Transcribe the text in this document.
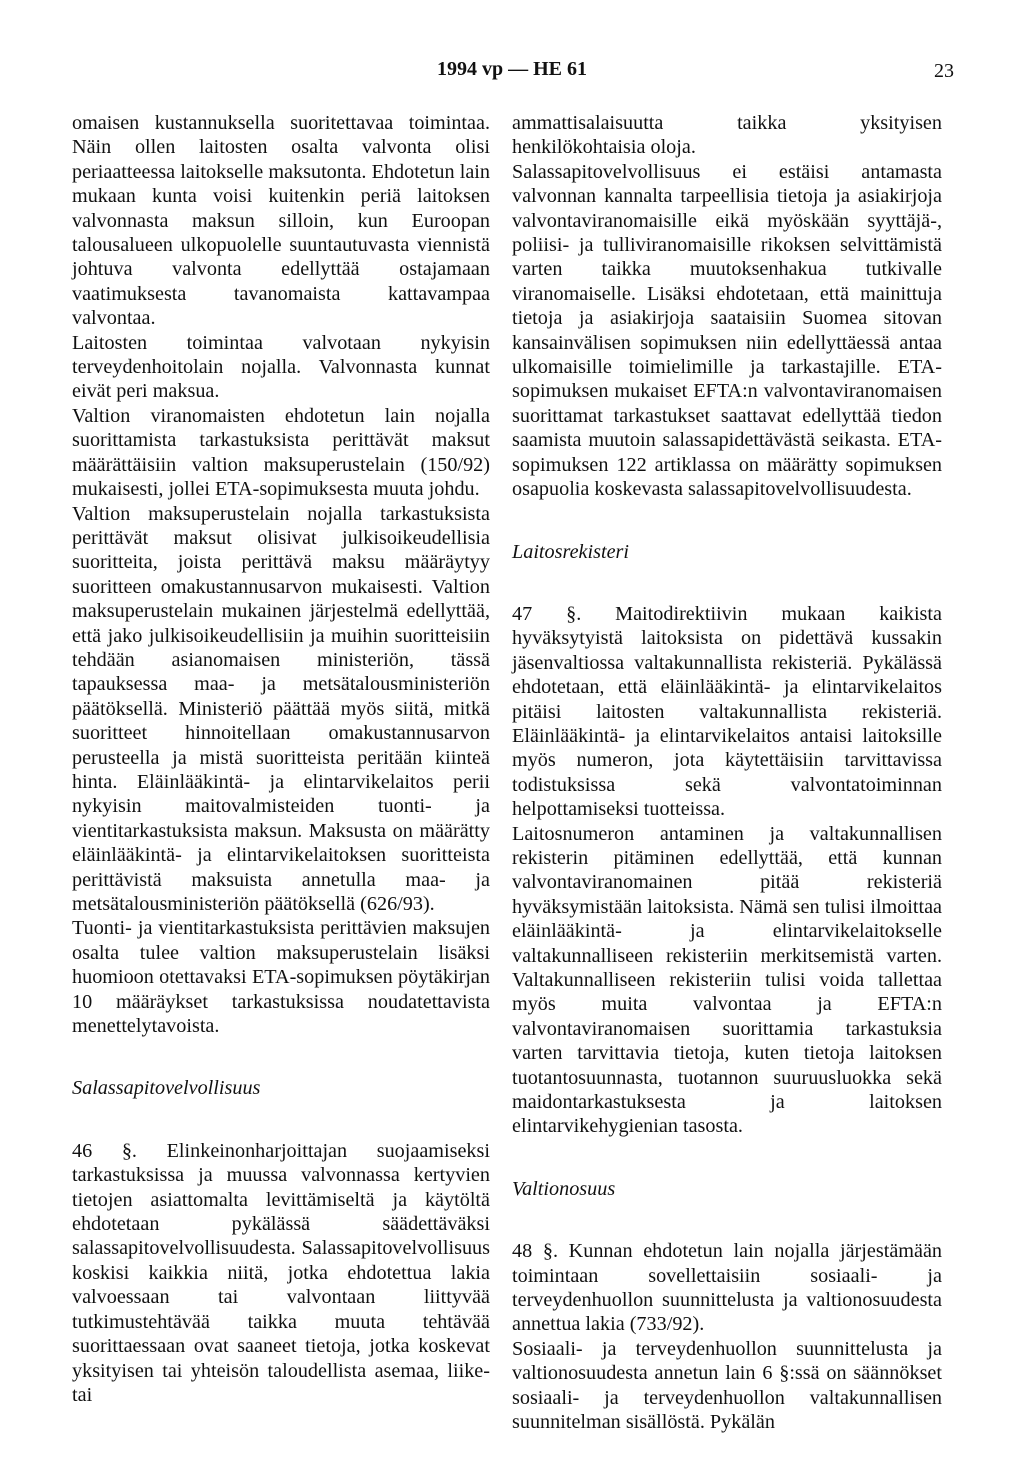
1994 vp — HE 61	23

omaisen kustannuksella suoritettavaa toimintaa. Näin ollen laitosten osalta valvonta olisi periaatteessa laitokselle maksutonta. Ehdotetun lain mukaan kunta voisi kuitenkin periä laitoksen valvonnasta maksun silloin, kun Euroopan talousalueen ulkopuolelle suuntautuvasta viennistä johtuva valvonta edellyttää ostajamaan vaatimuksesta tavanomaista kattavampaa valvontaa.

Laitosten toimintaa valvotaan nykyisin terveydenhoitolain nojalla. Valvonnasta kunnat eivät peri maksua.

Valtion viranomaisten ehdotetun lain nojalla suorittamista tarkastuksista perittävät maksut määrättäisiin valtion maksuperustelain (150/92) mukaisesti, jollei ETA-sopimuksesta muuta johdu.

Valtion maksuperustelain nojalla tarkastuksista perittävät maksut olisivat julkisoikeudellisia suoritteita, joista perittävä maksu määräytyy suoritteen omakustannusarvon mukaisesti. Valtion maksuperustelain mukainen järjestelmä edellyttää, että jako julkisoikeudellisiin ja muihin suoritteisiin tehdään asianomaisen ministeriön, tässä tapauksessa maa- ja metsätalousministeriön päätöksellä. Ministeriö päättää myös siitä, mitkä suoritteet hinnoitellaan omakustannusarvon perusteella ja mistä suoritteista peritään kiinteä hinta. Eläinlääkintä- ja elintarvikelaitos perii nykyisin maitovalmisteiden tuonti- ja vientitarkastuksista maksun. Maksusta on määrätty eläinlääkintä- ja elintarvikelaitoksen suoritteista perittävistä maksuista annetulla maa- ja metsätalousministeriön päätöksellä (626/93).

Tuonti- ja vientitarkastuksista perittävien maksujen osalta tulee valtion maksuperustelain lisäksi huomioon otettavaksi ETA-sopimuksen pöytäkirjan 10 määräykset tarkastuksissa noudatettavista menettelytavoista.

Salassapitovelvollisuus

46 §. Elinkeinonharjoittajan suojaamiseksi tarkastuksissa ja muussa valvonnassa kertyvien tietojen asiattomalta levittämiseltä ja käytöltä ehdotetaan pykälässä säädettäväksi salassapitovelvollisuudesta. Salassapitovelvollisuus koskisi kaikkia niitä, jotka ehdotettua lakia valvoessaan tai valvontaan liittyvää tutkimustehtävää taikka muuta tehtävää suorittaessaan ovat saaneet tietoja, jotka koskevat yksityisen tai yhteisön taloudellista asemaa, liike- tai

ammattisalaisuutta taikka yksityisen henkilökohtaisia oloja.

Salassapitovelvollisuus ei estäisi antamasta valvonnan kannalta tarpeellisia tietoja ja asiakirjoja valvontaviranomaisille eikä myöskään syyttäjä-, poliisi- ja tulliviranomaisille rikoksen selvittämistä varten taikka muutoksenhakua tutkivalle viranomaiselle. Lisäksi ehdotetaan, että mainittuja tietoja ja asiakirjoja saataisiin Suomea sitovan kansainvälisen sopimuksen niin edellyttäessä antaa ulkomaisille toimielimille ja tarkastajille. ETA-sopimuksen mukaiset EFTA:n valvontaviranomaisen suorittamat tarkastukset saattavat edellyttää tiedon saamista muutoin salassapidettävästä seikasta. ETA-sopimuksen 122 artiklassa on määrätty sopimuksen osapuolia koskevasta salassapitovelvollisuudesta.

Laitosrekisteri

47 §. Maitodirektiivin mukaan kaikista hyväksytyistä laitoksista on pidettävä kussakin jäsenvaltiossa valtakunnallista rekisteriä. Pykälässä ehdotetaan, että eläinlääkintä- ja elintarvikelaitos pitäisi laitosten valtakunnallista rekisteriä. Eläinlääkintä- ja elintarvikelaitos antaisi laitoksille myös numeron, jota käytettäisiin tarvittavissa todistuksissa sekä valvontatoiminnan helpottamiseksi tuotteissa.

Laitosnumeron antaminen ja valtakunnallisen rekisterin pitäminen edellyttää, että kunnan valvontaviranomainen pitää rekisteriä hyväksymistään laitoksista. Nämä sen tulisi ilmoittaa eläinlääkintä- ja elintarvikelaitokselle valtakunnalliseen rekisteriin merkitsemistä varten. Valtakunnalliseen rekisteriin tulisi voida tallettaa myös muita valvontaa ja EFTA:n valvontaviranomaisen suorittamia tarkastuksia varten tarvittavia tietoja, kuten tietoja laitoksen tuotantosuunnasta, tuotannon suuruusluokka sekä maidontarkastuksesta ja laitoksen elintarvikehygienian tasosta.

Valtionosuus

48 §. Kunnan ehdotetun lain nojalla järjestämään toimintaan sovellettaisiin sosiaali- ja terveydenhuollon suunnittelusta ja valtionosuudesta annettua lakia (733/92).

Sosiaali- ja terveydenhuollon suunnittelusta ja valtionosuudesta annetun lain 6 §:ssä on säännökset sosiaali- ja terveydenhuollon valtakunnallisen suunnitelman sisällöstä. Pykälän
